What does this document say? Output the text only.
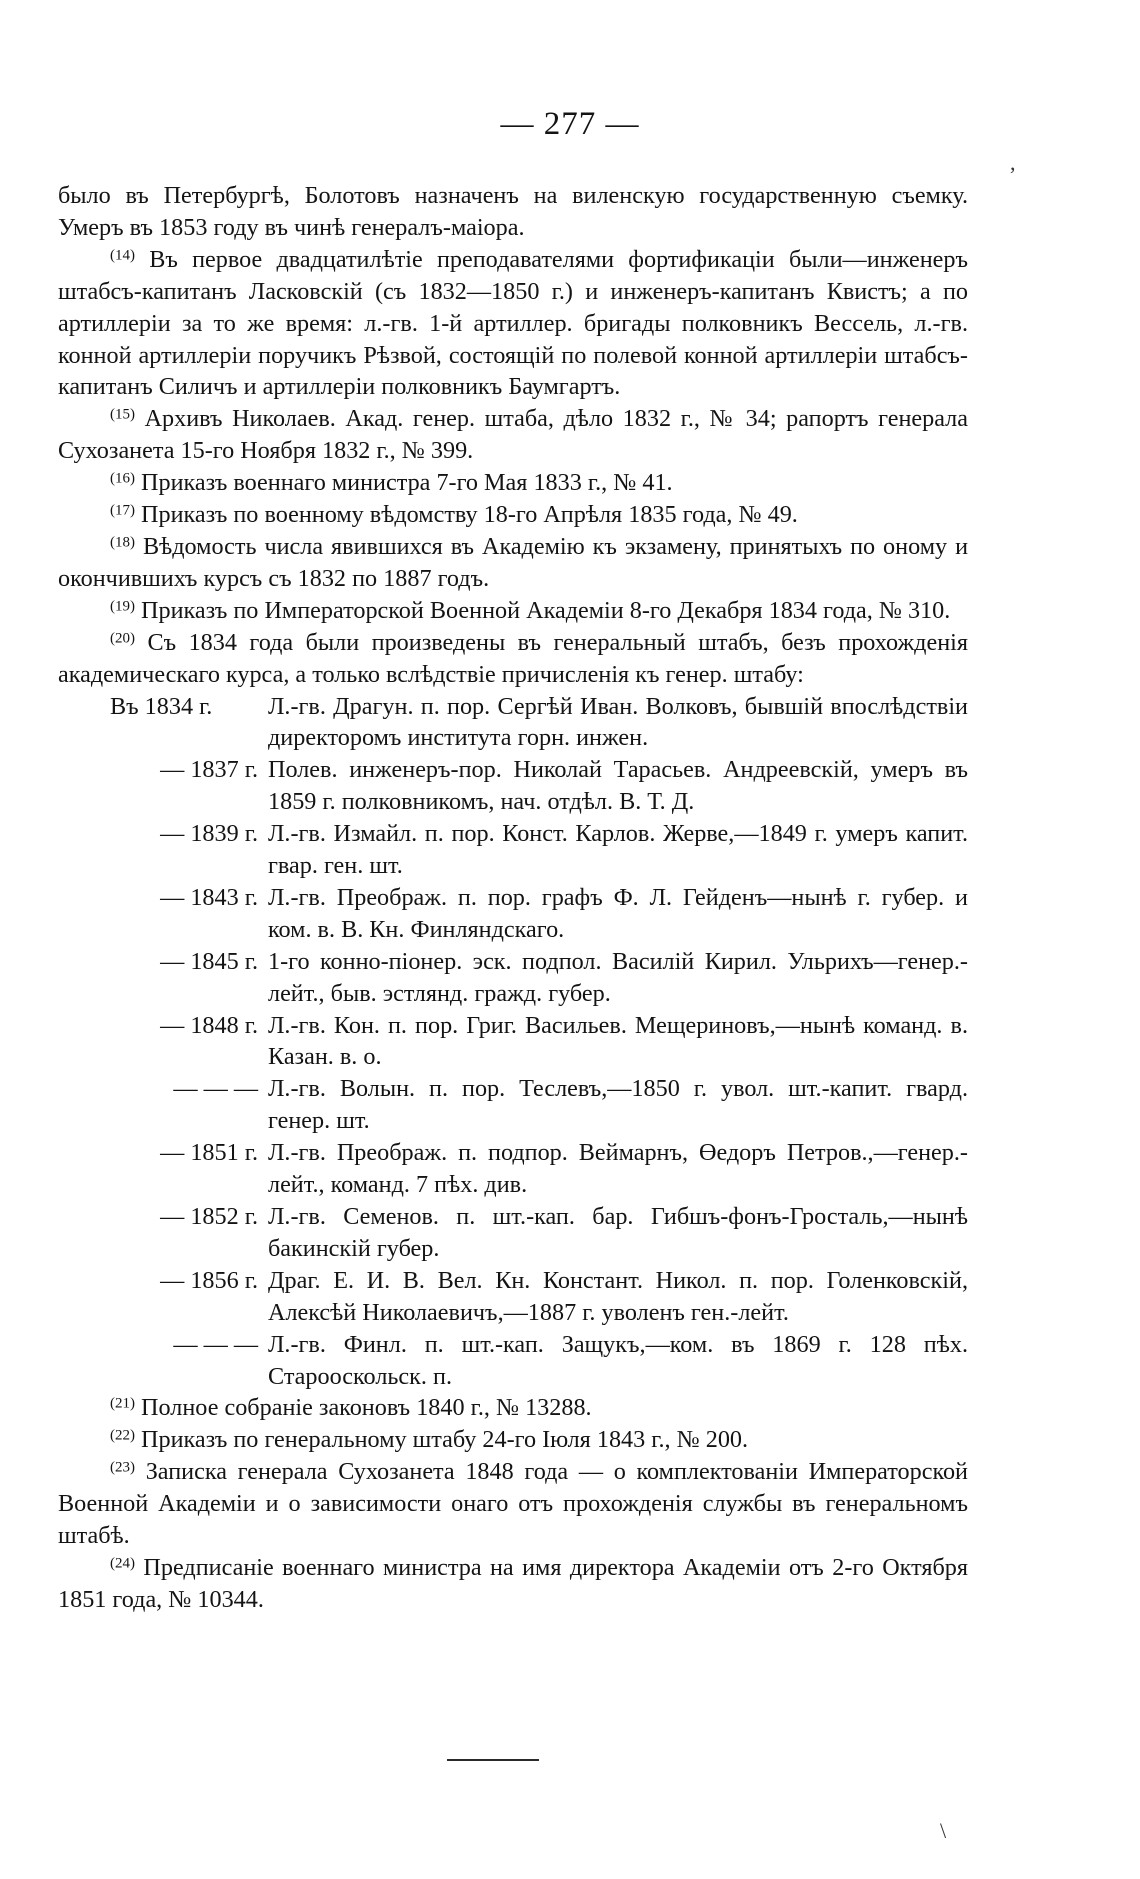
— 277 —
,

было въ Петербургѣ, Болотовъ назначенъ на виленскую государственную съемку. Умеръ въ 1853 году въ чинѣ генералъ-маіора.

$^{(14)}$ Въ первое двадцатилѣтіе преподавателями фортификаціи были—инженеръ штабсъ-капитанъ Ласковскій (съ 1832—1850 г.) и инженеръ-капитанъ Квистъ; а по артиллеріи за то же время: л.-гв. 1-й артиллер. бригады полковникъ Вессель, л.-гв. конной артиллеріи поручикъ Рѣзвой, состоящій по полевой конной артиллеріи штабсъ-капитанъ Силичъ и артиллеріи полковникъ Баумгартъ.

$^{(15)}$ Архивъ Николаев. Акад. генер. штаба, дѣло 1832 г., № 34; рапортъ генерала Сухозанета 15-го Ноября 1832 г., № 399.

$^{(16)}$ Приказъ военнаго министра 7-го Мая 1833 г., № 41.

$^{(17)}$ Приказъ по военному вѣдомству 18-го Апрѣля 1835 года, № 49.

$^{(18)}$ Вѣдомость числа явившихся въ Академію къ экзамену, принятыхъ по оному и окончившихъ курсъ съ 1832 по 1887 годъ.

$^{(19)}$ Приказъ по Императорской Военной Академіи 8-го Декабря 1834 года, № 310.

$^{(20)}$ Съ 1834 года были произведены въ генеральный штабъ, безъ прохожденія академическаго курса, а только вслѣдствіе причисленія къ генер. штабу:

Въ 1834 г.	Л.-гв. Драгун. п. пор. Сергѣй Иван. Волковъ, бывшій впослѣдствіи директоромъ института горн. инжен.
— 1837 г. Полев. инженеръ-пор. Николай Тарасьев. Андреевскій, умеръ въ 1859 г. полковникомъ, нач. отдѣл. В. Т. Д.
— 1839 г. Л.-гв. Измайл. п. пор. Конст. Карлов. Жерве,—1849 г. умеръ капит. гвар. ген. шт.
— 1843 г. Л.-гв. Преображ. п. пор. графъ Ф. Л. Гейденъ—нынѣ г. губер. и ком. в. В. Кн. Финляндскаго.
— 1845 г. 1-го конно-піонер. эск. подпол. Василій Кирил. Ульрихъ—генер.-лейт., быв. эстлянд. гражд. губер.
— 1848 г. Л.-гв. Кон. п. пор. Григ. Васильев. Мещериновъ,—нынѣ команд. в. Казан. в. о.
— — — Л.-гв. Волын. п. пор. Теслевъ,—1850 г. увол. шт.-капит. гвард. генер. шт.
— 1851 г. Л.-гв. Преображ. п. подпор. Веймарнъ, Өедоръ Петров.,—генер.-лейт., команд. 7 пѣх. див.
— 1852 г. Л.-гв. Семенов. п. шт.-кап. бар. Гибшъ-фонъ-Гросталь,—нынѣ бакинскій губер.
— 1856 г. Драг. Е. И. В. Вел. Кн. Констант. Никол. п. пор. Голенковскій, Алексѣй Николаевичъ,—1887 г. уволенъ ген.-лейт.
— — — Л.-гв. Финл. п. шт.-кап. Защукъ,—ком. въ 1869 г. 128 пѣх. Старооскольск. п.

$^{(21)}$ Полное собраніе законовъ 1840 г., № 13288.

$^{(22)}$ Приказъ по генеральному штабу 24-го Іюля 1843 г., № 200.

$^{(23)}$ Записка генерала Сухозанета 1848 года — о комплектованіи Императорской Военной Академіи и о зависимости онаго отъ прохожденія службы въ генеральномъ штабѣ.

$^{(24)}$ Предписаніе военнаго министра на имя директора Академіи отъ 2-го Октября 1851 года, № 10344.

\
